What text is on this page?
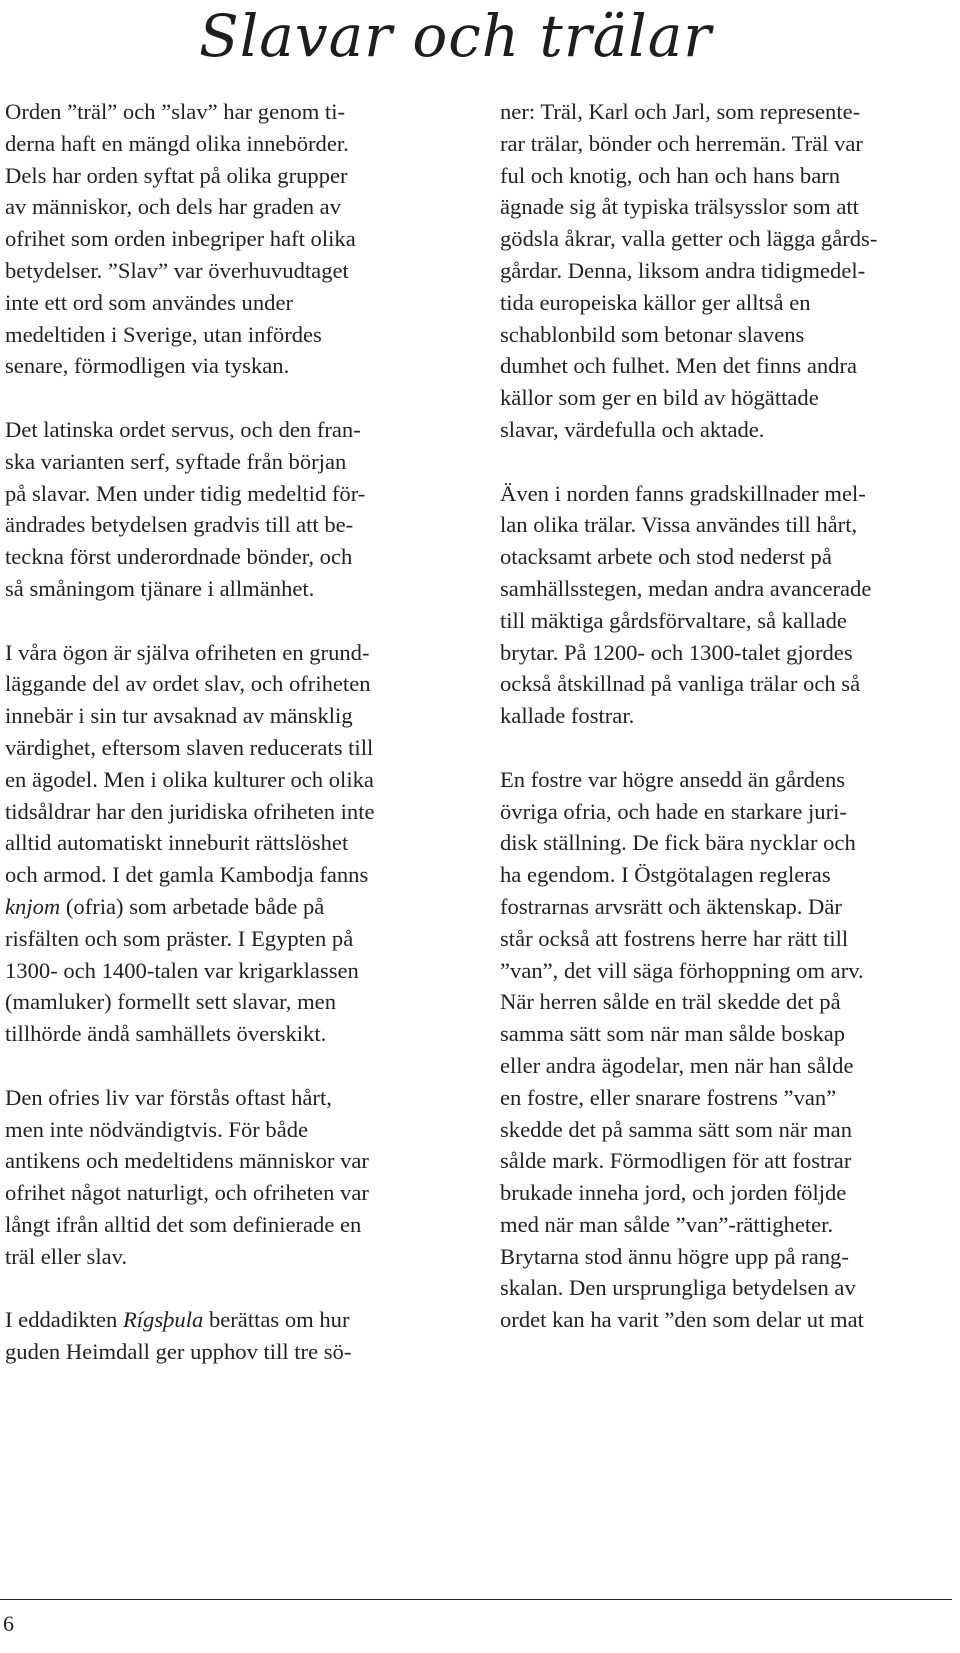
Slavar och trälar

Orden ”träl” och ”slav” har genom ti-
derna haft en mängd olika innebörder.
Dels har orden syftat på olika grupper
av människor, och dels har graden av
ofrihet som orden inbegriper haft olika
betydelser. ”Slav” var överhuvudtaget
inte ett ord som användes under
medeltiden i Sverige, utan infördes
senare, förmodligen via tyskan.

Det latinska ordet servus, och den fran-
ska varianten serf, syftade från början
på slavar. Men under tidig medeltid för-
ändrades betydelsen gradvis till att be-
teckna först underordnade bönder, och
så småningom tjänare i allmänhet.

I våra ögon är själva ofriheten en grund-
läggande del av ordet slav, och ofriheten
innebär i sin tur avsaknad av mänsklig
värdighet, eftersom slaven reducerats till
en ägodel. Men i olika kulturer och olika
tidsåldrar har den juridiska ofriheten inte
alltid automatiskt inneburit rättslöshet
och armod. I det gamla Kambodja fanns
knjom (ofria) som arbetade både på
risfälten och som präster. I Egypten på
1300- och 1400-talen var krigarklassen
(mamluker) formellt sett slavar, men
tillhörde ändå samhällets överskikt.

Den ofries liv var förstås oftast hårt,
men inte nödvändigtvis. För både
antikens och medeltidens människor var
ofrihet något naturligt, och ofriheten var
långt ifrån alltid det som definierade en
träl eller slav.

I eddadikten Rígsþula berättas om hur
guden Heimdall ger upphov till tre sö-

ner: Träl, Karl och Jarl, som represente-
rar trälar, bönder och herremän. Träl var
ful och knotig, och han och hans barn
ägnade sig åt typiska trälsysslor som att
gödsla åkrar, valla getter och lägga gårds-
gårdar. Denna, liksom andra tidigmedel-
tida europeiska källor ger alltså en
schablonbild som betonar slavens
dumhet och fulhet. Men det finns andra
källor som ger en bild av högättade
slavar, värdefulla och aktade.

Även i norden fanns gradskillnader mel-
lan olika trälar. Vissa användes till hårt,
otacksamt arbete och stod nederst på
samhällsstegen, medan andra avancerade
till mäktiga gårdsförvaltare, så kallade
brytar. På 1200- och 1300-talet gjordes
också åtskillnad på vanliga trälar och så
kallade fostrar.

En fostre var högre ansedd än gårdens
övriga ofria, och hade en starkare juri-
disk ställning. De fick bära nycklar och
ha egendom. I Östgötalagen regleras
fostrarnas arvsrätt och äktenskap. Där
står också att fostrens herre har rätt till
”van”, det vill säga förhoppning om arv.
När herren sålde en träl skedde det på
samma sätt som när man sålde boskap
eller andra ägodelar, men när han sålde
en fostre, eller snarare fostrens ”van”
skedde det på samma sätt som när man
sålde mark. Förmodligen för att fostrar
brukade inneha jord, och jorden följde
med när man sålde ”van”-rättigheter.
Brytarna stod ännu högre upp på rang-
skalan. Den ursprungliga betydelsen av
ordet kan ha varit ”den som delar ut mat

6
